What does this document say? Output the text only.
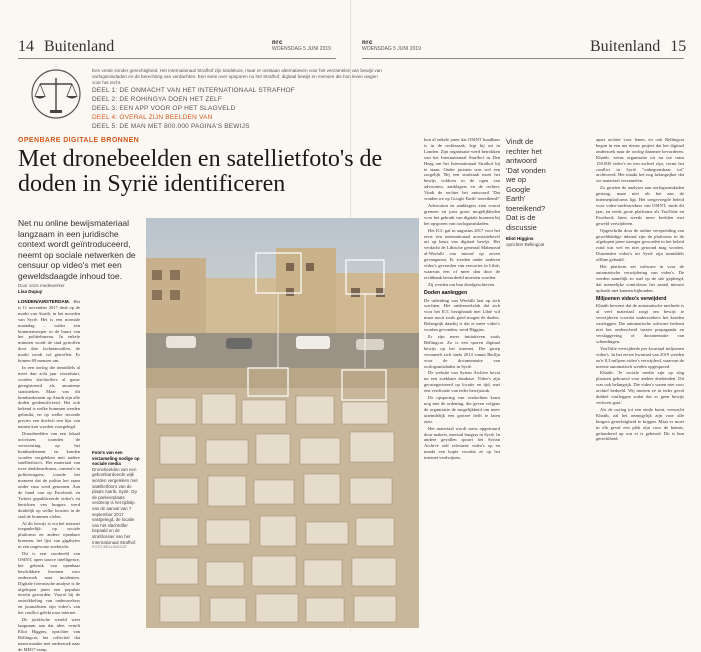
14 Buitenland	nrc
WOENSDAG 5 JUNI 2019
nrc
WOENSDAG 5 JUNI 2019	Buitenland 15
Een vrede zonder gerechtigheid. Het Internationaal Strafhof zijn tandeloos, maar er ontstaan alternatieven voor het verzamelen van bewijs van oorlogsmisdaden en de berechting van verdachten. Een serie over opsporen nu het Strafhof, digitaal bewijs en mensen die hun leven wagen voor het recht.
DEEL 1: DE ONMACHT VAN HET INTERNATIONAAL STRAFHOF
DEEL 2: DE ROHINGYA DOEN HET ZELF
DEEL 3: EEN APP VOOR OP HET SLAGVELD
DEEL 4: OVERAL ZIJN BEELDEN VAN
DEEL 5: DE MAN MET 800.000 PAGINA'S BEWIJS
OPENBARE DIGITALE BRONNEN
Met dronebeelden en satellietfoto's de doden in Syrië identificeren
Net nu online bewijsmateriaal langzaam in een juridische context wordt geïntroduceerd, neemt op sociale netwerken de censuur op video's met een geweldsdaagde inhoud toe.
Door onze medewerker
Lisa Dupuy

LONDEN/AMSTERDAM. Het is 11 november 2017 druk op de markt van Atarib, in het noorden van Syrië. Het is een normale maandag – totdat een bommenwerper in de buurt van het politiebureau. In enkele minuten wordt de stad getroffen door drie luchtaanvallen, de markt wordt vol getroffen. Er komen 69 mensen om.

In een oorlog die inmiddels al meer dan acht jaar voortduurt, worden slachtoffers al gauw geregistreerd als anonieme statistieken. Maar van dit bombardement op Atarib zijn alle doden geïdentificeerd. Het ook bekend is welke bommen werden gebruikt, en op welke seconde precies een doelwit een lijst van namen kon worden voorgelegd.

Dronebeelden van een lokaal activisten toonden de verwoesting op het bombardement en konden worden vergeleken met nadere satellietfoto's. Het materiaal van twee dashboardcams, camera's in politiewagens, toonde het moment dat de politie het raam onder vuur werd genomen. Aan de hand van op Facebook en Twitter gepubliceerde video's en berichten van burgers werd duidelijk op welke locaties in de stad de bommen vielen.

Al dit bewijs is via het internet toegankelijk: op sociale platforms en andere openbare bronnen, het lijst van gigabytes in een ongewone zoektocht.

Dit is een voorbeeld van OSINT, open source intelligence, het gebruik van openbaar beschikbare bronnen voor onderzoek naar incidenten. Digitale forensische analyse is de afgelopen jaren een populair terrein geworden. Vooral bij de ontwikkeling van onderzoekers en journalisten zijn video's van het conflict gelekt naar internet.

De juridische wereld weet langzaam aan dat idee, vertelt Eliot Higgins, oprichter van Bellingcat, het collectief dat naam maakte met onderzoek naar de MH17-ramp.

Foto's van een verzameling nodige op sociale media Dronebeelden van een gebombardeerde wijk worden vergeleken met satellietfoto's van de plaats Atarib, Syrië. Op de parkeerplaats verderop is het tijdstip van de aanval van 7 september 2017 vastgelegd, de locatie van het slachtoffer bepaald en de strafdossier van het Internationaal Strafhof.
FOTO BELLINGCAT

kon al enkele jaren dat OSINT houdbaar is in de rechtszaak, legt hij uit in Londen. Zijn organisatie werd betrokken van het Internationaal Strafhof in Den Haag om het Internationaal Strafhof bij te staan. Onder juristen was wel een zorgelijk 'Bij een strafzaak moet het bewijs voldoen in de ogen van advocaten, aanklagers en de rechter. Vindt de rechter het antwoord 'Dat vonden we op Google Earth' toereikend?'

Advocaten en aanklagers zien vooral grenzen en juist grote mogelijkheden voor het gebruik van digitale bronnen bij het opsporen van oorlogsmisdaden.

Het ICC gaf in augustus 2017 voor het eerst een internationaal arrestatiebevel uit op basis van digitaal bewijs. Het verdacht de Libische generaal Mahmoud al-Werfalli van moord op zeven gevangenen. Er werden onder anderen video's gevonden van executies in Libië, waarvan een of meer dan door de rechtbank beoordeeld moesten worden.

Zij werden om hun doodgeschreven.

Doden aanleggen

De uitleiding van Werfalli laat op zich wachten. Het onderzoekslab dat zich voor het ICC bezighoudt met Libië wil maar nooit zoals goed mogen de daders. Belangrijk daarbij is dat er meer video's worden gevonden, werd Higgins.

Er zijn meer initiatieven zoals Bellingcat. Zo is een sporen digitaal bewijs op het internet. Die groep verzamelt zich sinds 2014 vanuit Berlijn voor de documentatie van oorlogsmisdaden in Syrië.

De website van Syrian Archive bevat nu een zoekbare database. Video's zijn gecategoriseerd op locatie en tijd, met een verificatie van ieder bewijsstuk.

De opsporing van verdachten komt nog met de ordening, die geven volgens de organisatie de mogelijkheid om meer uiteindelijk een grotere helft te laten zien.

Het materiaal wordt soms opgestuurd door makers, meestal burgers in Syrië. In andere gevallen spoort het Syrian Archive zelf relevante video's op en maakt een kopie voordat ze op het internet verdwijnen.

Vindt de rechter het antwoord 'Dat vonden we op Google Earth' toereikend? Dat is de discussie
Eliot Higgins
oprichter Bellingcat

apart archief voor lenen, en ook Bellingcat begon in een net nieuw project dat het digitaal onderzoek naar de oorlog daarmee bevorderen. Khatib, wiens organisatie tot nu toe ruim 150.000 video's en een archief zijn, vormt het conflict in Syrië "onbegrensbaar tot" archiveerd. Het maakt het nog belangrijker dat we materiaal verzamelen.

Zo groeien de analyses aan oorlogsmisdaden gestaag, maar niet als het aan de internetplatforms ligt. Het toegevoegde beleid voor video-onderzoekers van OSINT, sinds dit jaar, en reeds grote platforms als YouTube en Facebook laten steeds meer beelden met geweld verwijderen.

Opgeschrikt door de online verspreiding van gewelddadige inhoud zijn de platforms in de afgelopen jaren strenger geworden in het beleid rond wat wel en niet getoond mag worden. Duizenden video's uit Syrië zijn inmiddels offline gehaald.

Het platform zet software in voor de automatische verwijdering van video's. De werden namelijk zo snel op de site gepleegd, dat menselijke controleurs het aantal nieuwe uploads niet kunnen bijhouden.

Miljoenen video's verwijderd

Khatib beweert dat de automatische methode is al veel materiaal zorgt om bewijs te verwijderen voordat onderzoekers het konden vastleggen. Die automatische software herkent niet het onderscheid tussen propaganda en verslaggeving of documentatie van schendingen.

YouTube verwijderde per kwartaal miljoenen video's. In het eerste kwartaal van 2019 werden zo'n 8,3 miljoen video's verwijderd, waarvan de meeste automatisch werden opgespoord.

Khatib: 'Je sociale media zijn op slag plaatsen gebouwd voor andere doeleinden. Dit was ook belangrijk. Die video's waren niet voor archief bedoeld. Wij moeten ze in ieder geval dubbel vastleggen zodat dat er geen bewijs verloren gaat.'

Als de oorlog tot een einde komt, verwacht Khatib, zal het onmogelijk zijn voor alle burgers gerechtigheid te krijgen. Maar er moet in elk geval een plek zijn voor de kennis, gefundeerd op wat er is gebeurd. Dit is hun gerechtheid.
